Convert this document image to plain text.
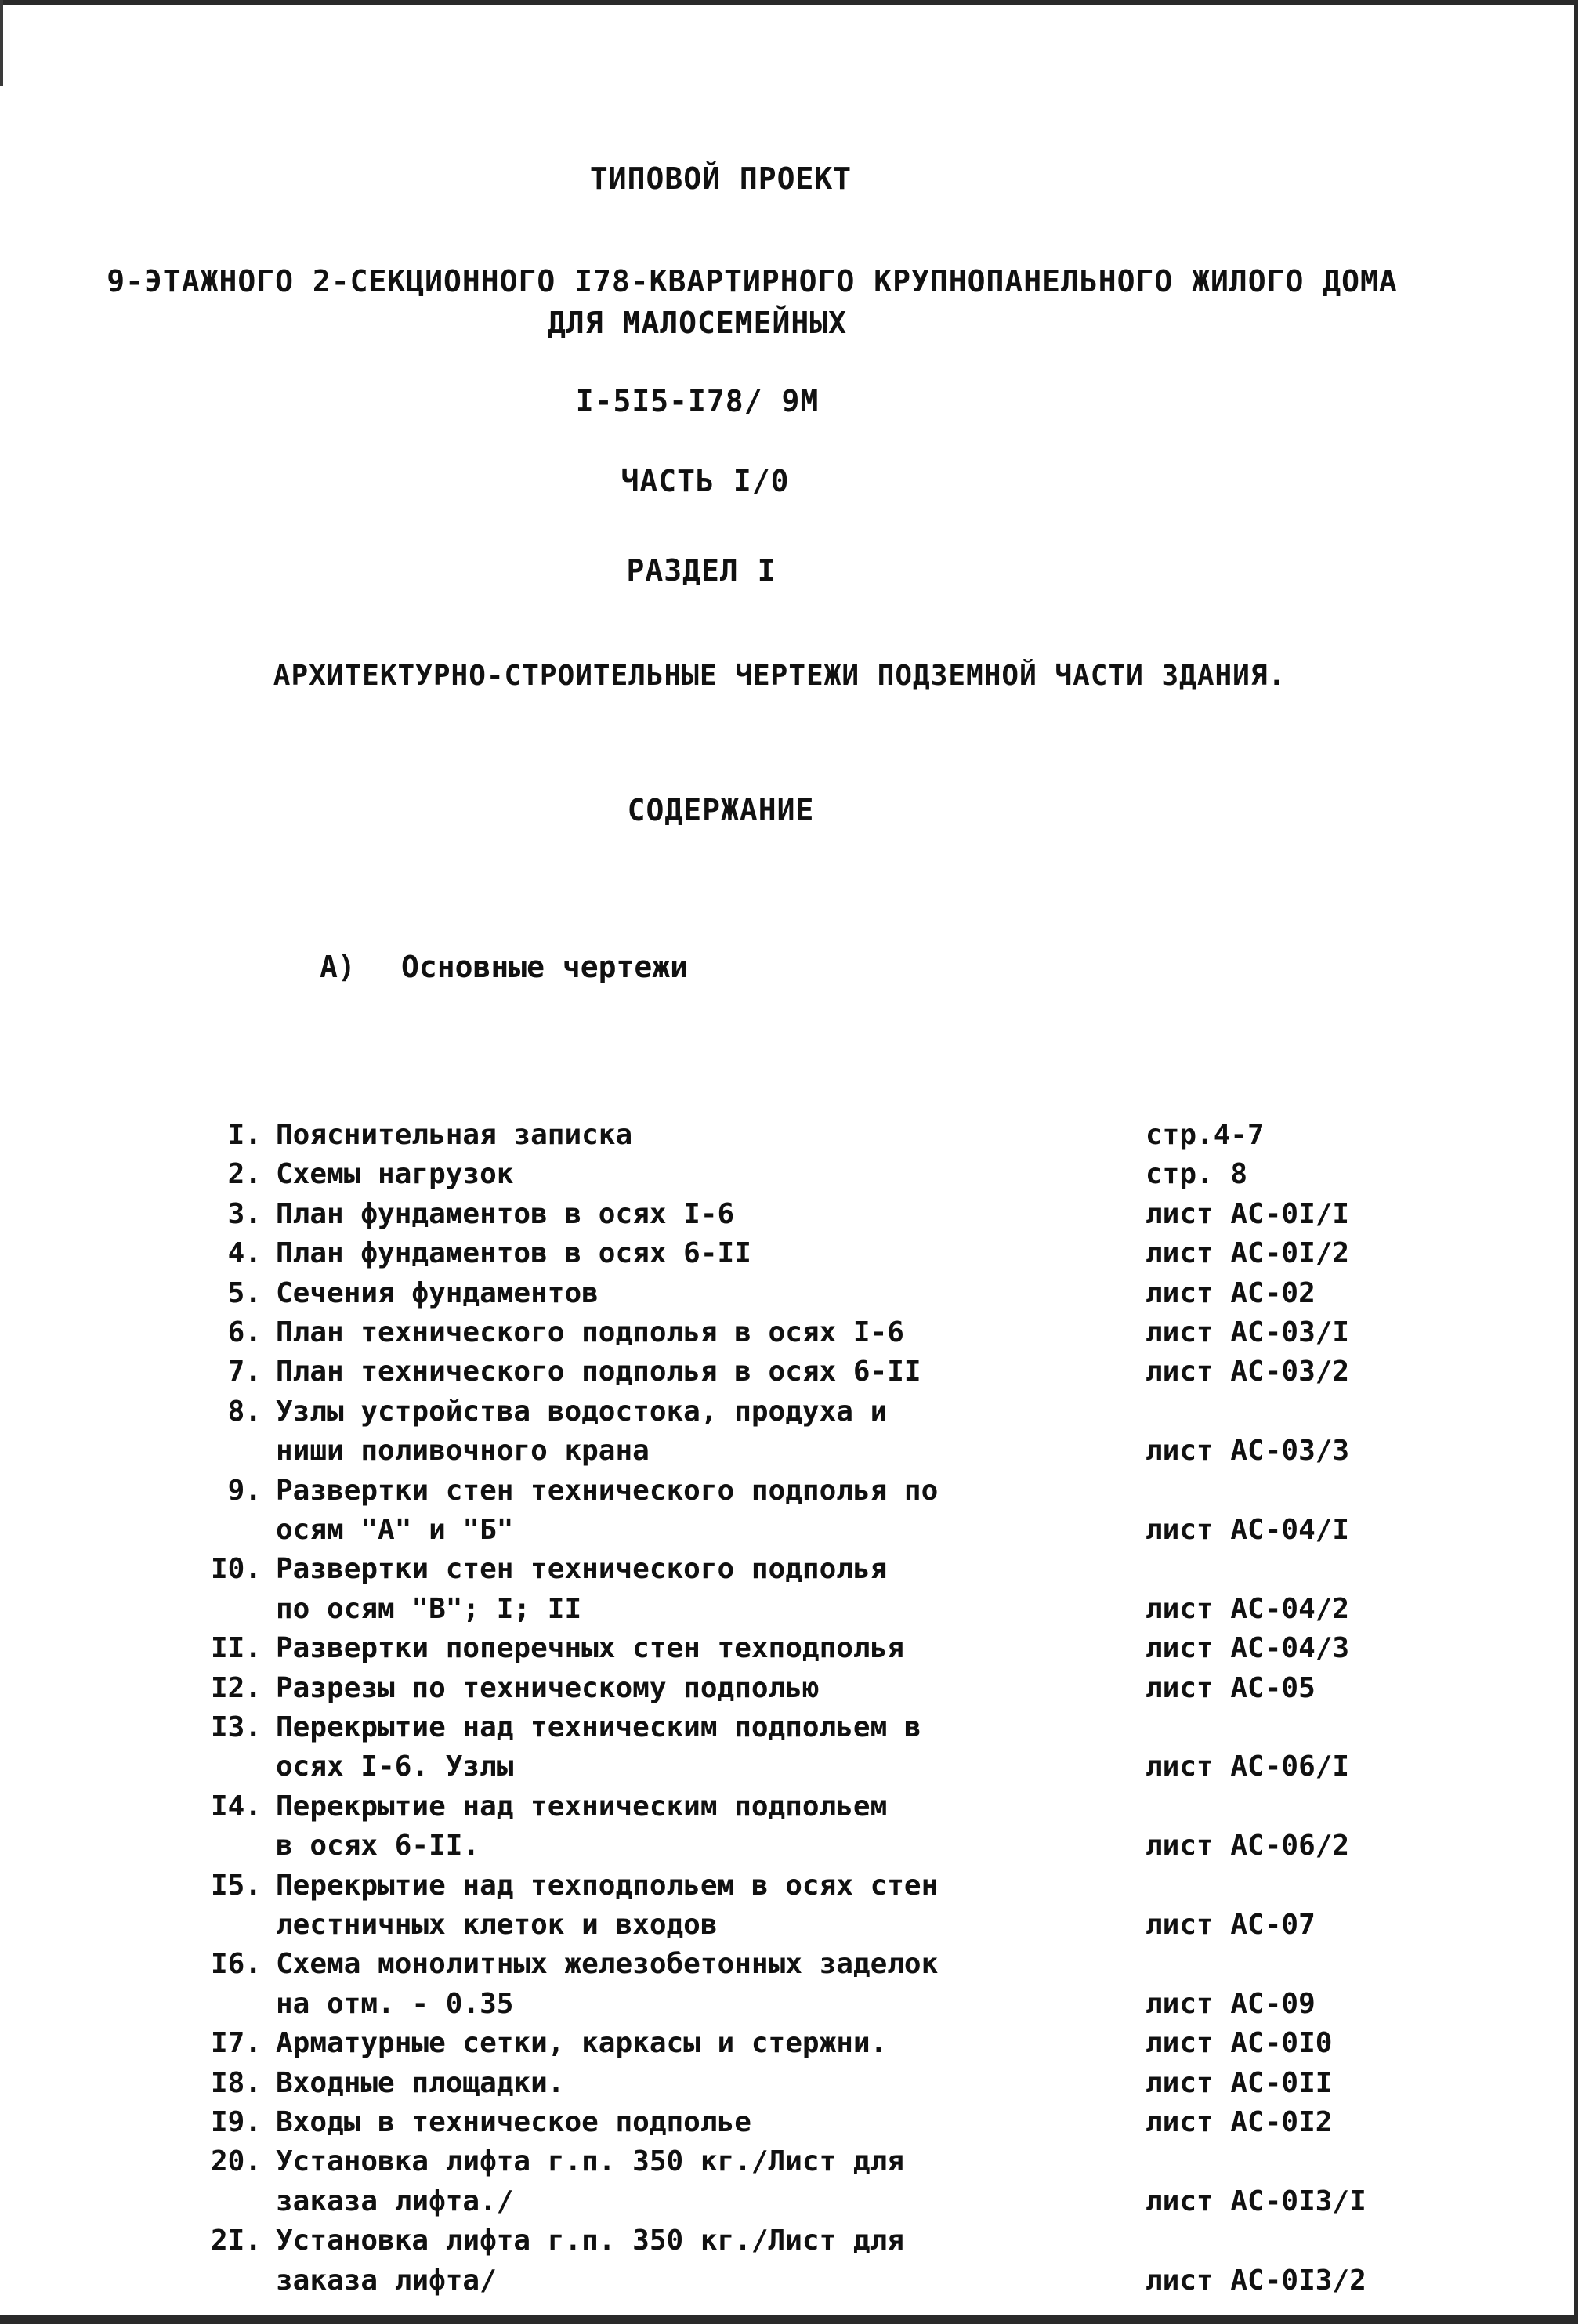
ТИПОВОЙ ПРОЕКТ
9-ЭТАЖНОГО 2-СЕКЦИОННОГО I78-КВАРТИРНОГО КРУПНОПАНЕЛЬНОГО ЖИЛОГО ДОМА
ДЛЯ МАЛОСЕМЕЙНЫХ
I-5I5-I78/ 9М
ЧАСТЬ I/0
РАЗДЕЛ I
АРХИТЕКТУРНО-СТРОИТЕЛЬНЫЕ ЧЕРТЕЖИ ПОДЗЕМНОЙ ЧАСТИ ЗДАНИЯ.
СОДЕРЖАНИЕ
А) Основные чертежи
I. Пояснительная записка	стр.4-7
2. Схемы нагрузок	стр. 8
3. План фундаментов в осях I-6	лист АС-0I/I
4. План фундаментов в осях 6-II	лист АС-0I/2
5. Сечения фундаментов	лист АС-02
6. План технического подполья в осях I-6	лист АС-03/I
7. План технического подполья в осях 6-II	лист АС-03/2
8. Узлы устройства водостока, продуха и
ниши поливочного крана	лист АС-03/3
9. Развертки стен технического подполья по
осям "А" и "Б"	лист АС-04/I
I0. Развертки стен технического подполья
по осям "В"; I; II	лист АС-04/2
II. Развертки поперечных стен техподполья	лист АС-04/3
I2. Разрезы по техническому подполью	лист АС-05
I3. Перекрытие над техническим подпольем в
осях I-6. Узлы	лист АС-06/I
I4. Перекрытие над техническим подпольем
в осях 6-II.	лист АС-06/2
I5. Перекрытие над техподпольем в осях стен
лестничных клеток и входов	лист АС-07
I6. Схема монолитных железобетонных заделок
на отм. - 0.35	лист АС-09
I7. Арматурные сетки, каркасы и стержни.	лист АС-0I0
I8. Входные площадки.	лист АС-0II
I9. Входы в техническое подполье	лист АС-0I2
20. Установка лифта г.п. 350 кг./Лист для
заказа лифта./	лист АС-0I3/I
2I. Установка лифта г.п. 350 кг./Лист для
заказа лифта/	лист АС-0I3/2
